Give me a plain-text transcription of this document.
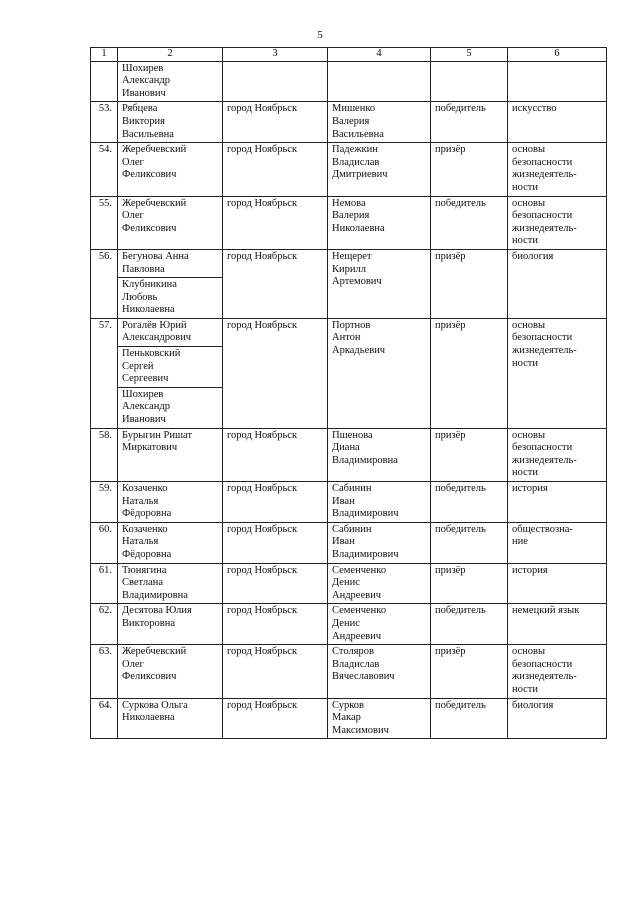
5
1	2	3	4	5	6

	Шохирев
Александр
Иванович				

53.	Рябцева
Виктория
Васильевна	город Ноябрьск	Мишенко
Валерия
Васильевна	победитель	искусство

54.	Жеребчевский
Олег
Феликсович	город Ноябрьск	Падежкин
Владислав
Дмитриевич	призёр	основы
безопасности
жизнедеятель-
ности

55.	Жеребчевский
Олег
Феликсович	город Ноябрьск	Немова
Валерия
Николаевна	победитель	основы
безопасности
жизнедеятель-
ности

56.	Бегунова Анна
Павловна	город Ноябрьск	Нещерет
Кирилл
Артемович	призёр	биология

	Клубникина
Любовь
Николаевна				

57.	Рогалёв Юрий
Александрович	город Ноябрьск	Портнов
Антон
Аркадьевич	призёр	основы
безопасности
жизнедеятель-
ности

	Пеньковский
Сергей
Сергеевич				

	Шохирев
Александр
Иванович				

58.	Бурыгин Ришат
Миркатович	город Ноябрьск	Пшенова
Диана
Владимировна	призёр	основы
безопасности
жизнедеятель-
ности

59.	Козаченко
Наталья
Фёдоровна	город Ноябрьск	Сабинин
Иван
Владимирович	победитель	история

60.	Козаченко
Наталья
Фёдоровна	город Ноябрьск	Сабинин
Иван
Владимирович	победитель	обществозна-
ние

61.	Тюнягина
Светлана
Владимировна	город Ноябрьск	Семенченко
Денис
Андреевич	призёр	история

62.	Десятова Юлия
Викторовна	город Ноябрьск	Семенченко
Денис
Андреевич	победитель	немецкий язык

63.	Жеребчевский
Олег
Феликсович	город Ноябрьск	Столяров
Владислав
Вячеславович	призёр	основы
безопасности
жизнедеятель-
ности

64.	Суркова Ольга
Николаевна	город Ноябрьск	Сурков
Макар
Максимович	победитель	биология
